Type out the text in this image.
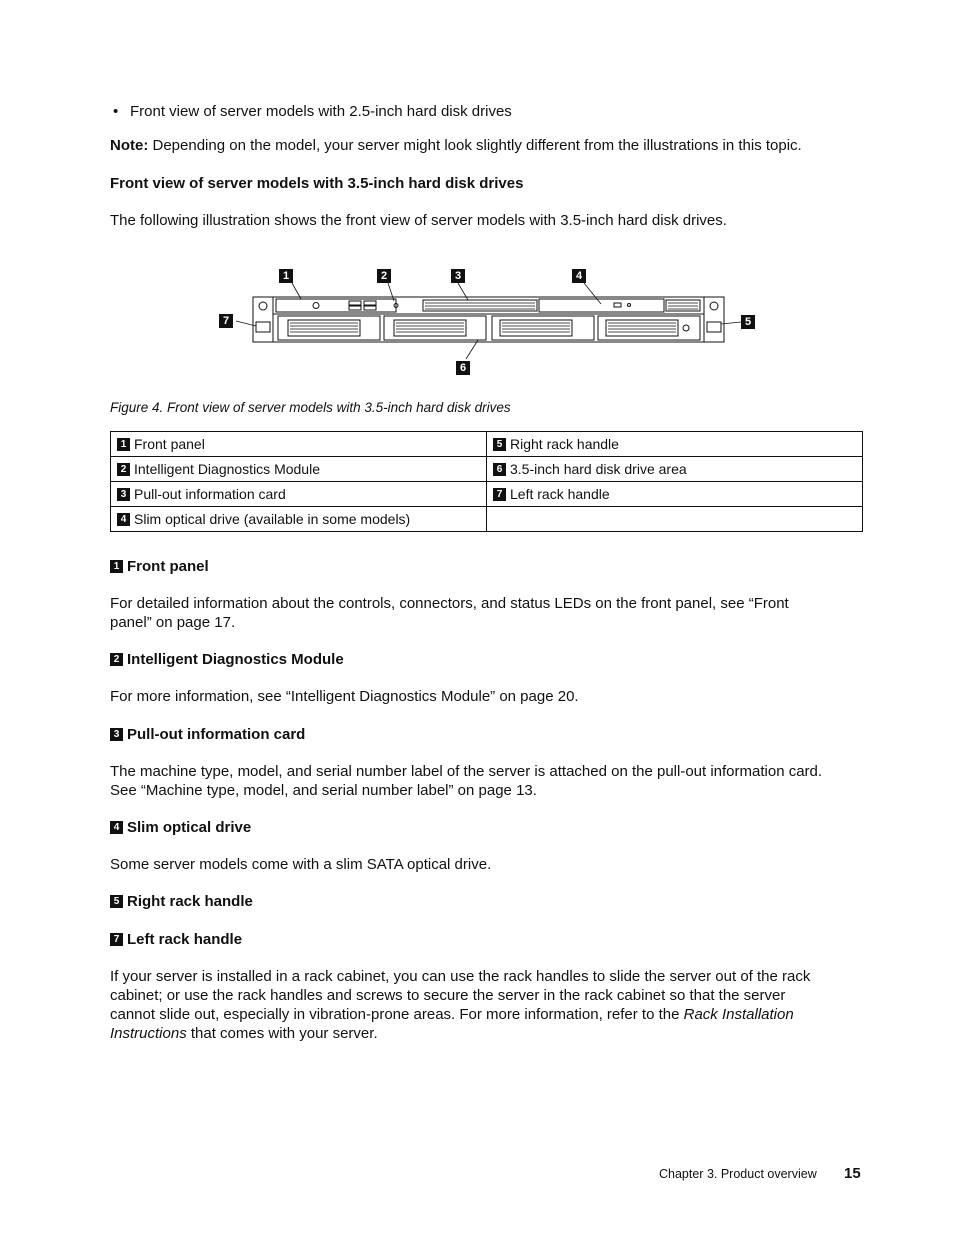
• Front view of server models with 2.5-inch hard disk drives
Note: Depending on the model, your server might look slightly different from the illustrations in this topic.
Front view of server models with 3.5-inch hard disk drives
The following illustration shows the front view of server models with 3.5-inch hard disk drives.
1	2	3	4
5
6
7
Figure 4. Front view of server models with 3.5-inch hard disk drives
1 Front panel	5 Right rack handle
2 Intelligent Diagnostics Module	6 3.5-inch hard disk drive area
3 Pull-out information card	7 Left rack handle
4 Slim optical drive (available in some models)	
1 Front panel
For detailed information about the controls, connectors, and status LEDs on the front panel, see “Front
panel” on page 17.
2 Intelligent Diagnostics Module
For more information, see “Intelligent Diagnostics Module” on page 20.
3 Pull-out information card
The machine type, model, and serial number label of the server is attached on the pull-out information card.
See “Machine type, model, and serial number label” on page 13.
4 Slim optical drive
Some server models come with a slim SATA optical drive.
5 Right rack handle
7 Left rack handle
If your server is installed in a rack cabinet, you can use the rack handles to slide the server out of the rack
cabinet; or use the rack handles and screws to secure the server in the rack cabinet so that the server
cannot slide out, especially in vibration-prone areas. For more information, refer to the Rack Installation
Instructions that comes with your server.
Chapter 3. Product overview 15
